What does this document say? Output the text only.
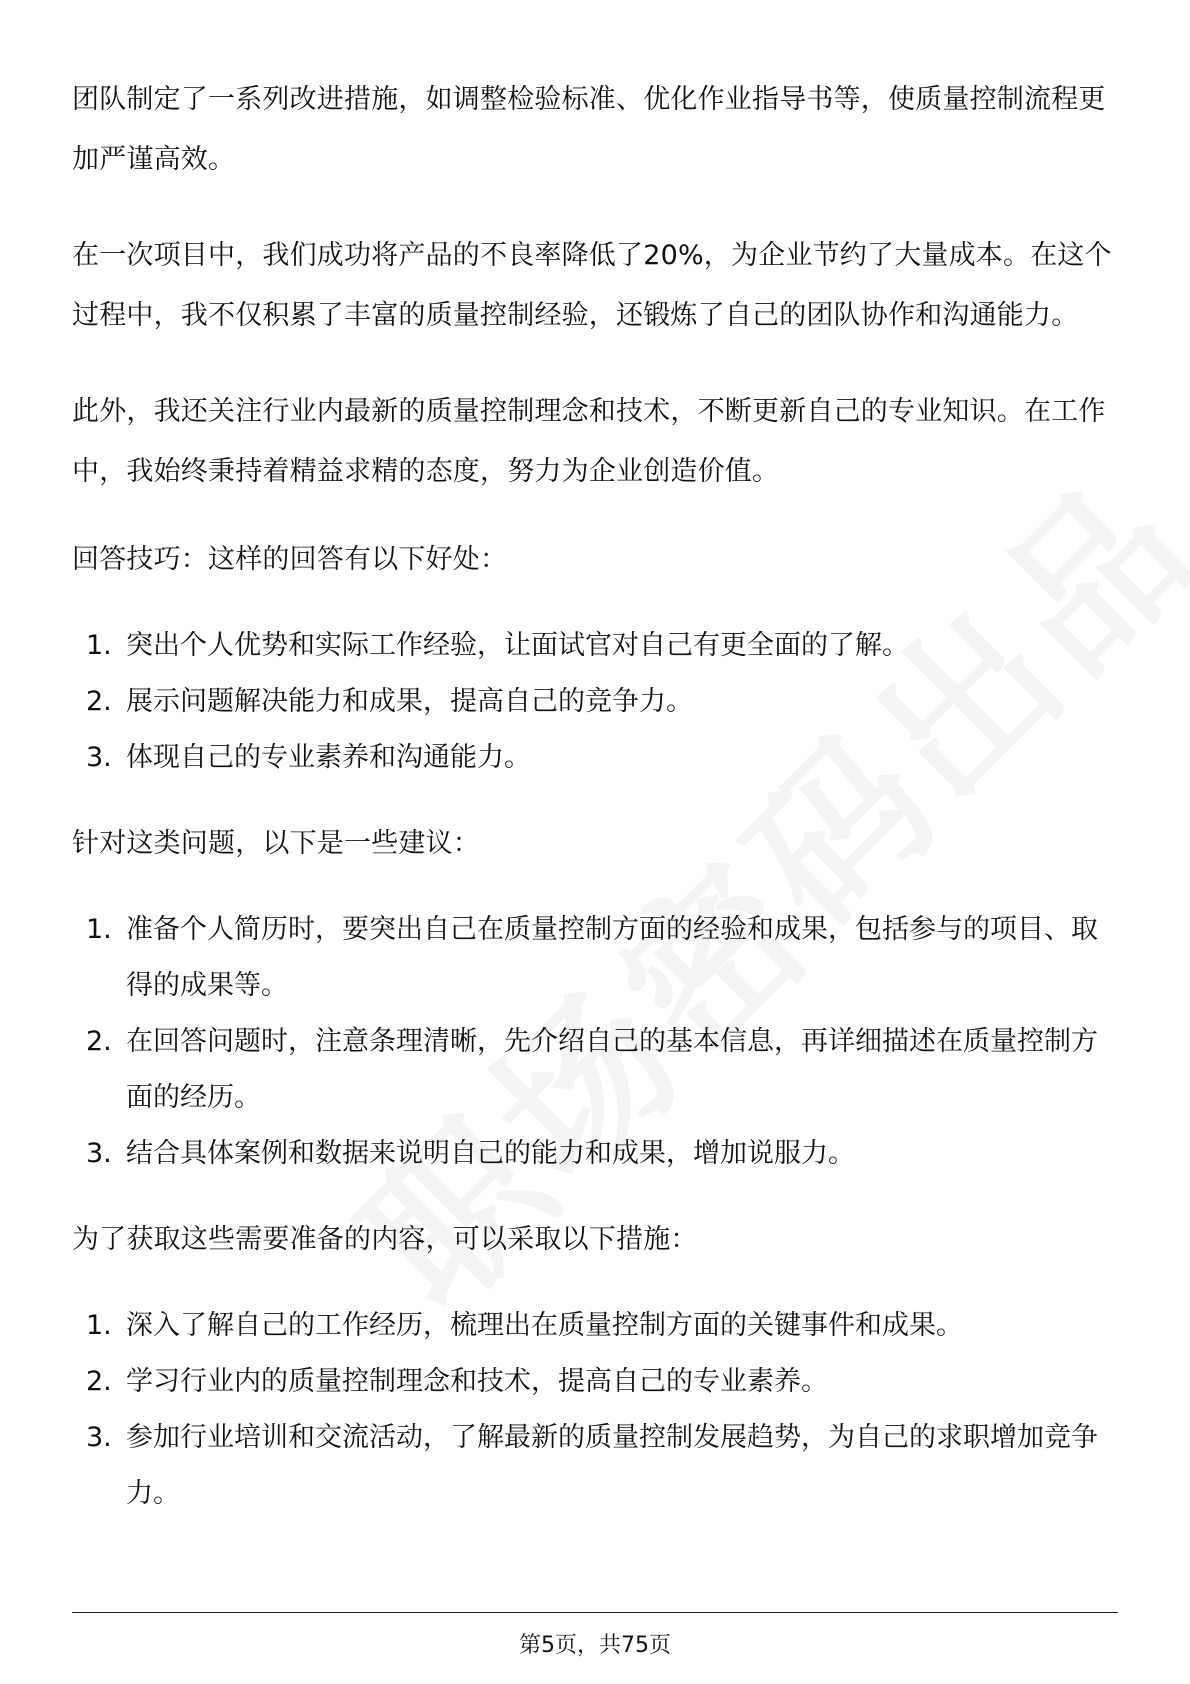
团队制定了一系列改进措施，如调整检验标准、优化作业指导书等，使质量控制流程更加严谨高效。

在一次项目中，我们成功将产品的不良率降低了20%，为企业节约了大量成本。在这个过程中，我不仅积累了丰富的质量控制经验，还锻炼了自己的团队协作和沟通能力。

此外，我还关注行业内最新的质量控制理念和技术，不断更新自己的专业知识。在工作中，我始终秉持着精益求精的态度，努力为企业创造价值。

回答技巧：这样的回答有以下好处：

1. 突出个人优势和实际工作经验，让面试官对自己有更全面的了解。
2. 展示问题解决能力和成果，提高自己的竞争力。
3. 体现自己的专业素养和沟通能力。

针对这类问题，以下是一些建议：

1. 准备个人简历时，要突出自己在质量控制方面的经验和成果，包括参与的项目、取得的成果等。
2. 在回答问题时，注意条理清晰，先介绍自己的基本信息，再详细描述在质量控制方面的经历。
3. 结合具体案例和数据来说明自己的能力和成果，增加说服力。

为了获取这些需要准备的内容，可以采取以下措施：

1. 深入了解自己的工作经历，梳理出在质量控制方面的关键事件和成果。
2. 学习行业内的质量控制理念和技术，提高自己的专业素养。
3. 参加行业培训和交流活动，了解最新的质量控制发展趋势，为自己的求职增加竞争力。
第5页，共75页
